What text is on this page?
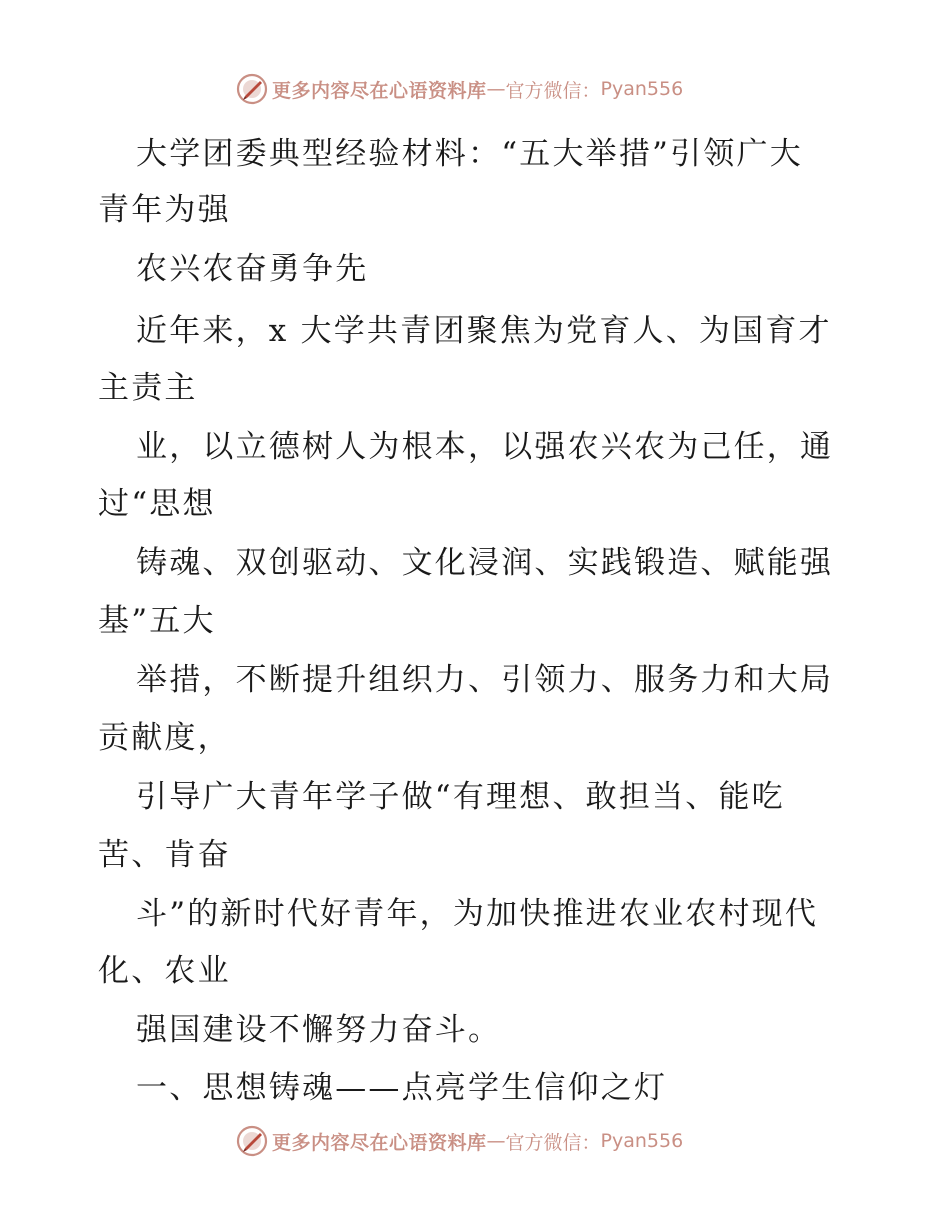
更多内容尽在心语资料库 — 官方微信： Pyan556
大学团委典型经验材料：“五大举措”引领广大
青年为强
农兴农奋勇争先
近年来，x 大学共青团聚焦为党育人、为国育才
主责主
业，以立德树人为根本，以强农兴农为己任，通
过“思想
铸魂、双创驱动、文化浸润、实践锻造、赋能强
基”五大
举措，不断提升组织力、引领力、服务力和大局
贡献度，
引导广大青年学子做“有理想、敢担当、能吃
苦、肯奋
斗”的新时代好青年，为加快推进农业农村现代
化、农业
强国建设不懈努力奋斗。
一、思想铸魂——点亮学生信仰之灯
更多内容尽在心语资料库 — 官方微信： Pyan556
